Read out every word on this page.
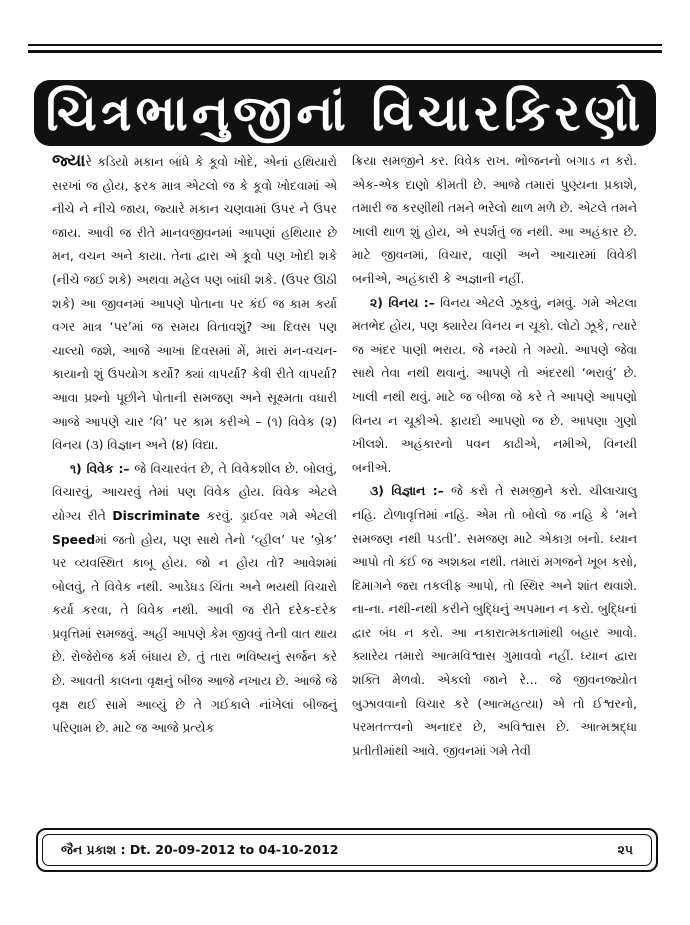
ચિત્રભાનુજીનાં વિચારકિરણો

જ્યારે કડિયો મકાન બાંધે કે કૂવો ખોદે, એનાં હથિયારો સરખાં જ હોય, ફરક માત્ર એટલો જ કે કૂવો ખોદવામાં એ નીચે ને નીચે જાય, જ્યારે મકાન ચણવામાં ઉપર ને ઉપર જાય. આવી જ રીતે માનવજીવનમાં આપણાં હથિયાર છે મન, વચન અને કાયા. તેના દ્વારા એ કૂવો પણ ખોદી શકે (નીચે જઈ શકે) અથવા મહેલ પણ બાંધી શકે. (ઉપર ઊઠી શકે) આ જીવનમાં આપણે પોતાના પર કંઈ જ કામ કર્યા વગર માત્ર ‘પર’માં જ સમય વિતાવશું? આ દિવસ પણ ચાલ્યો જશે, આજે આખા દિવસમાં મેં, મારાં મન-વચન-કાયાનો શું ઉપયોગ કર્યો? ક્યાં વાપર્યા? કેવી રીતે વાપર્યા? આવા પ્રશ્નો પૂછીને પોતાની સમજણ અને સૂક્ષ્મતા વધારી આજે આપણે ચાર ‘વિ’ પર કામ કરીએ – (૧) વિવેક (૨) વિનય (૩) વિજ્ઞાન અને (૪) વિદ્યા.

૧) વિવેક :– જે વિચારવંત છે, તે વિવેકશીલ છે. બોલવું, વિચારવું, આચરવું તેમાં પણ વિવેક હોય. વિવેક એટલે યોગ્ય રીતે Discriminate કરવું. ડ્રાઈવર ગમે એટલી Speedમાં જતો હોય, પણ સાથે તેનો ‘વ્હીલ’ પર ‘બ્રેક’ પર વ્યવસ્થિત કાબૂ હોય. જો ન હોય તો? આવેશમાં બોલવું, તે વિવેક નથી. આડેધડ ચિંતા અને ભયથી વિચારો કર્યા કરવા, તે વિવેક નથી. આવી જ રીતે દરેક-દરેક પ્રવૃત્તિમાં સમજવું. અહીં આપણે કેમ જીવવું તેની વાત થાય છે. રોજેરોજ કર્મ બંધાય છે. તું તારા ભવિષ્યનું સર્જન કરે છે. આવતી કાલના વૃક્ષનું બીજ આજે નખાય છે. આજે જે વૃક્ષ થઈ સામે આવ્યું છે તે ગઈકાલે નાંખેલાં બીજનું પરિણામ છે. માટે જ આજે પ્રત્યેક

ક્રિયા સમજીને કર. વિવેક રાખ. ભોજનનો બગાડ ન કરો. એક-એક દાણો કીમતી છે. આજે તમારાં પુણ્યના પ્રકાશે, તમારી જ કરણીથી તમને ભરેલો થાળ મળે છે. એટલે તમને ખાલી થાળ શું હોય, એ સ્પર્શતું જ નથી. આ અહંકાર છે. માટે જીવનમાં, વિચાર, વાણી અને આચારમાં વિવેકી બનીએ, અહંકારી કે અજ્ઞાની નહીં.

૨) વિનય :– વિનય એટલે ઝૂકવું, નમવું. ગમે એટલા મતભેદ હોય, પણ ક્યારેય વિનય ન ચૂકો. લોટો ઝૂકે, ત્યારે જ અંદર પાણી ભરાય. જે નમ્યો તે ગમ્યો. આપણે જેવા સાથે તેવા નથી થવાનું. આપણે તો અંદરથી ‘ભરાવું’ છે. ખાલી નથી થવું. માટે જ બીજા જે કરે તે આપણે આપણો વિનય ન ચૂકીએ. ફાયદો આપણો જ છે. આપણા ગુણો ખીલશે. અહંકારનો પવન કાઢીએ, નમીએ, વિનયી બનીએ.

૩) વિજ્ઞાન :– જે કરો તે સમજીને કરો. ચીલાચાલુ નહિ. ટોળાવૃત્તિમાં નહિ. એમ તો બોલો જ નહિ કે ‘મને સમજણ નથી પડતી’. સમજણ માટે એકાગ્ર બનો. ધ્યાન આપો તો કંઈ જ અશક્ય નથી. તમારાં મગજને ખૂબ કસો, દિમાગને જરા તકલીફ આપો, તો સ્થિર અને શાંત થવાશે. ના-ના. નથી-નથી કરીને બુદ્ધિનું અપમાન ન કરો. બુદ્ધિનાં દ્વાર બંધ ન કરો. આ નકારાત્મકતામાંથી બહાર આવો. ક્યારેય તમારો આત્મવિશ્વાસ ગુમાવવો નહીં. ધ્યાન દ્વારા શક્તિ મેળવો. એકલો જાને રે... જે જીવનજ્યોત બુઝાવવાનો વિચાર કરે (આત્મહત્યા) એ તો ઈશ્વરનો, પરમતત્ત્વનો અનાદર છે, અવિશ્વાસ છે. આત્મશ્રદ્ધા પ્રતીતીમાંથી આવે. જીવનમાં ગમે તેવી

જૈન પ્રકાશ : Dt. 20-09-2012 to 04-10-2012	૨૫
